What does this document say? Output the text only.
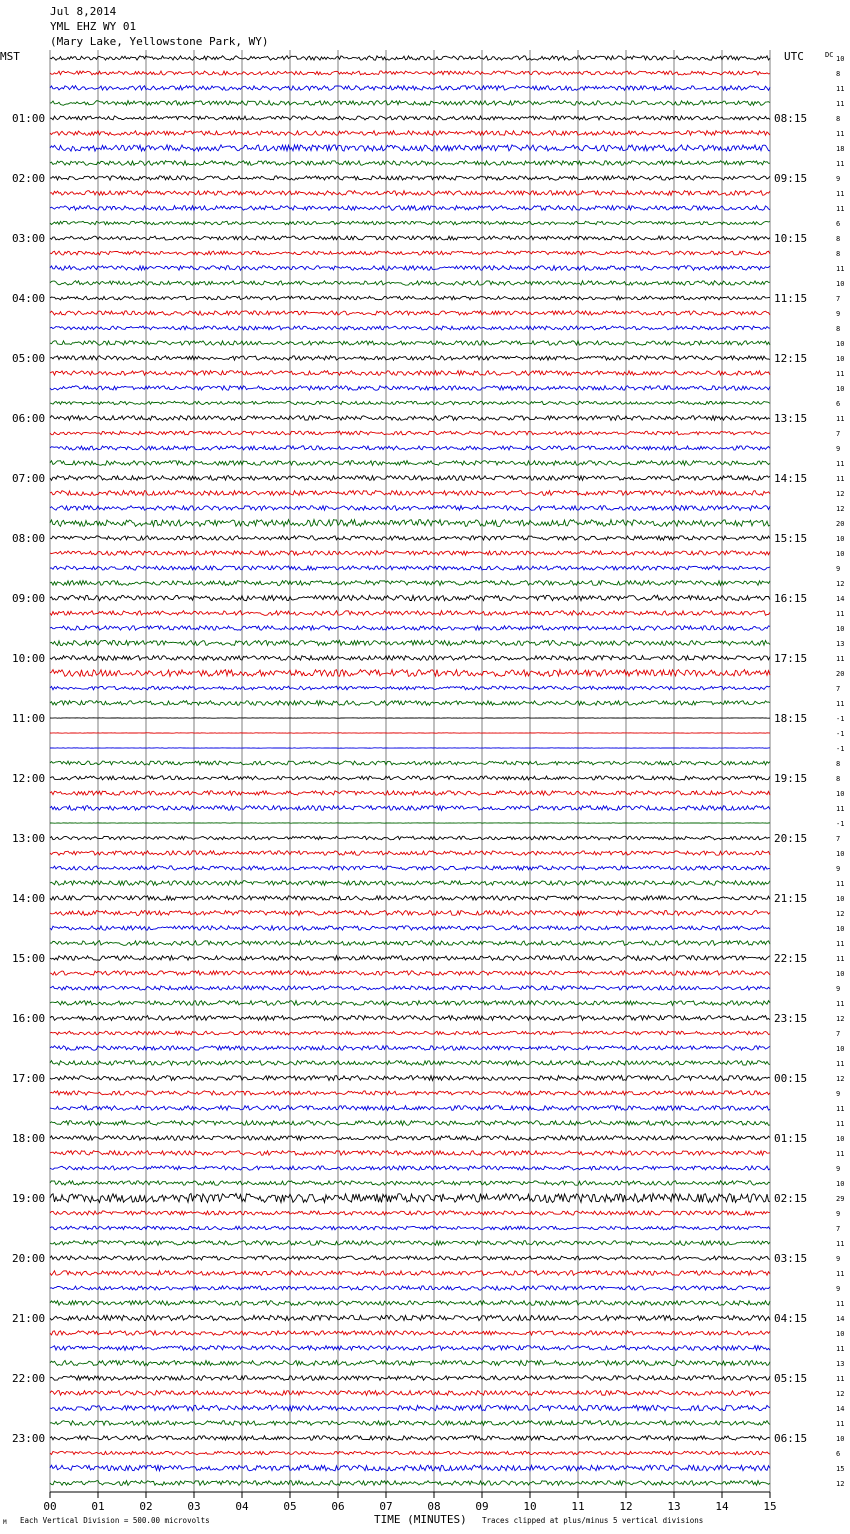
Jul 8,2014
YML EHZ WY 01
(Mary Lake, Yellowstone Park, WY)
10
8
11
11
8
11
18
11
9
11
11
6
8
8
11
10
7
9
8
10
10
11
10
6
11
7
9
11
11
12
12
20
10
10
9
12
14
11
10
13
11
20
7
11
-1
-1
-1
8
8
10
11
-1
7
10
9
11
10
12
10
11
11
10
9
11
12
7
10
11
12
9
11
11
10
11
9
10
29
9
7
11
9
11
9
11
14
10
11
13
11
12
14
11
10
6
15
12
01:00
02:00
03:00
04:00
05:00
06:00
07:00
08:00
09:00
10:00
11:00
12:00
13:00
14:00
15:00
16:00
17:00
18:00
19:00
20:00
21:00
22:00
23:00
08:15
09:15
10:15
11:15
12:15
13:15
14:15
15:15
16:15
17:15
18:15
19:15
20:15
21:15
22:15
23:15
00:15
01:15
02:15
03:15
04:15
05:15
06:15
00	01	02	03	04	05	06	07	08	09	10	11	12	13	14	15
MST	UTC	DC
M Each Vertical Division = 500.00 microvolts	TIME (MINUTES) Traces clipped at plus/minus 5 vertical divisions
